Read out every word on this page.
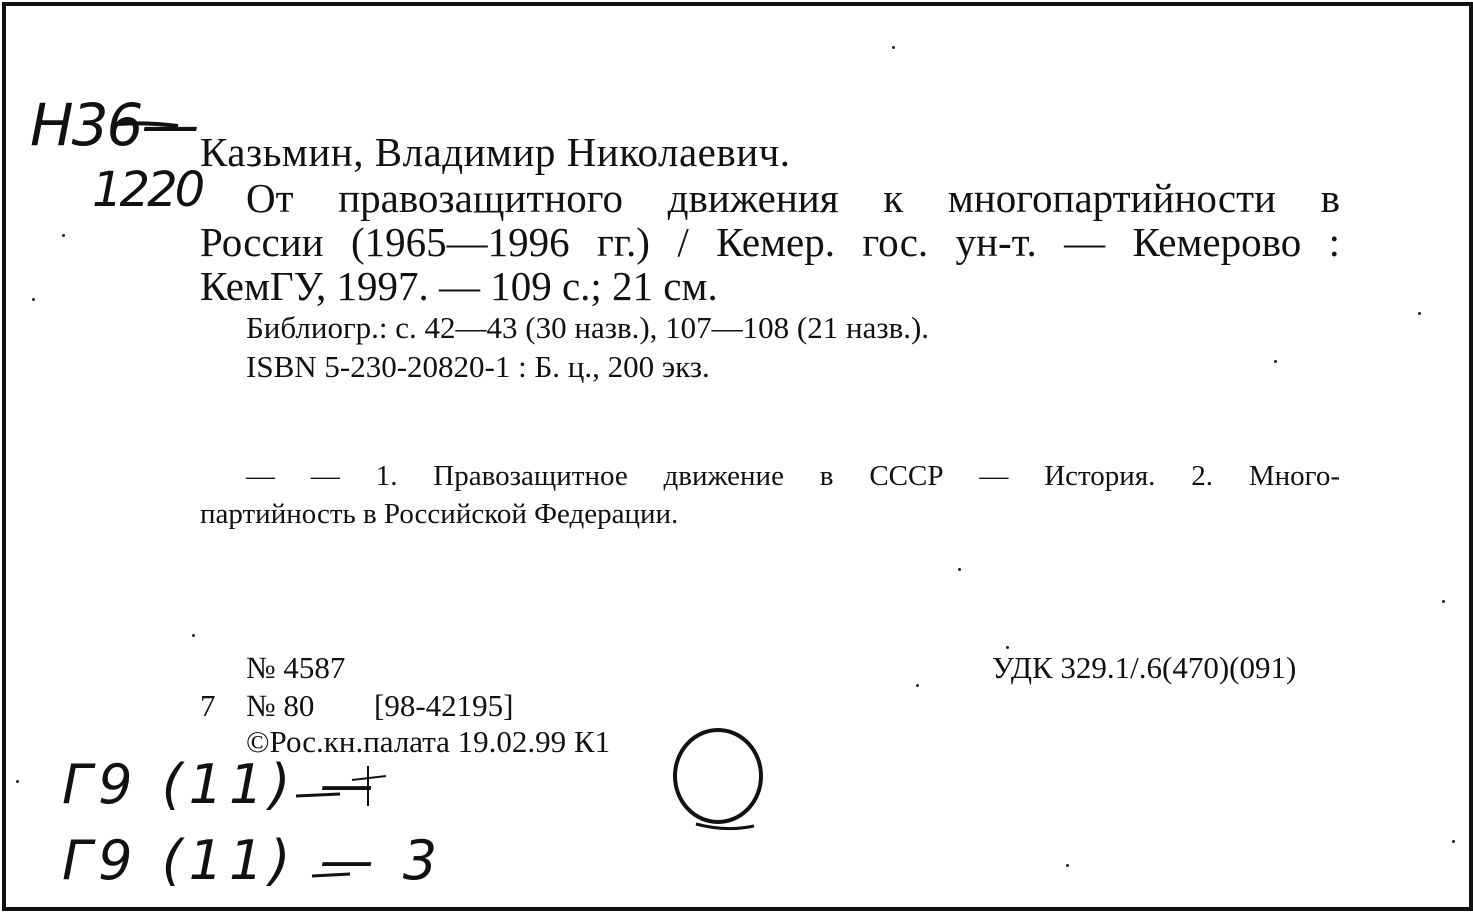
Н36—
1220
Казьмин, Владимир Николаевич.
От правозащитного движения к многопартийности в
России (1965—1996 гг.) / Кемер. гос. ун-т. — Кемерово :
КемГУ, 1997. — 109 с.; 21 см.
Библиогр.: с. 42—43 (30 назв.), 107—108 (21 назв.).
ISBN 5-230-20820-1 : Б. ц., 200 экз.
— — 1. Правозащитное движение в СССР — История. 2. Много-
партийность в Российской Федерации.
№ 4587	УДК 329.1/.6(470)(091)
7 № 80 [98-42195]
©Рос.кн.палата 19.02.99 К1
Г9 (11) —
Г9 (11) — 3
